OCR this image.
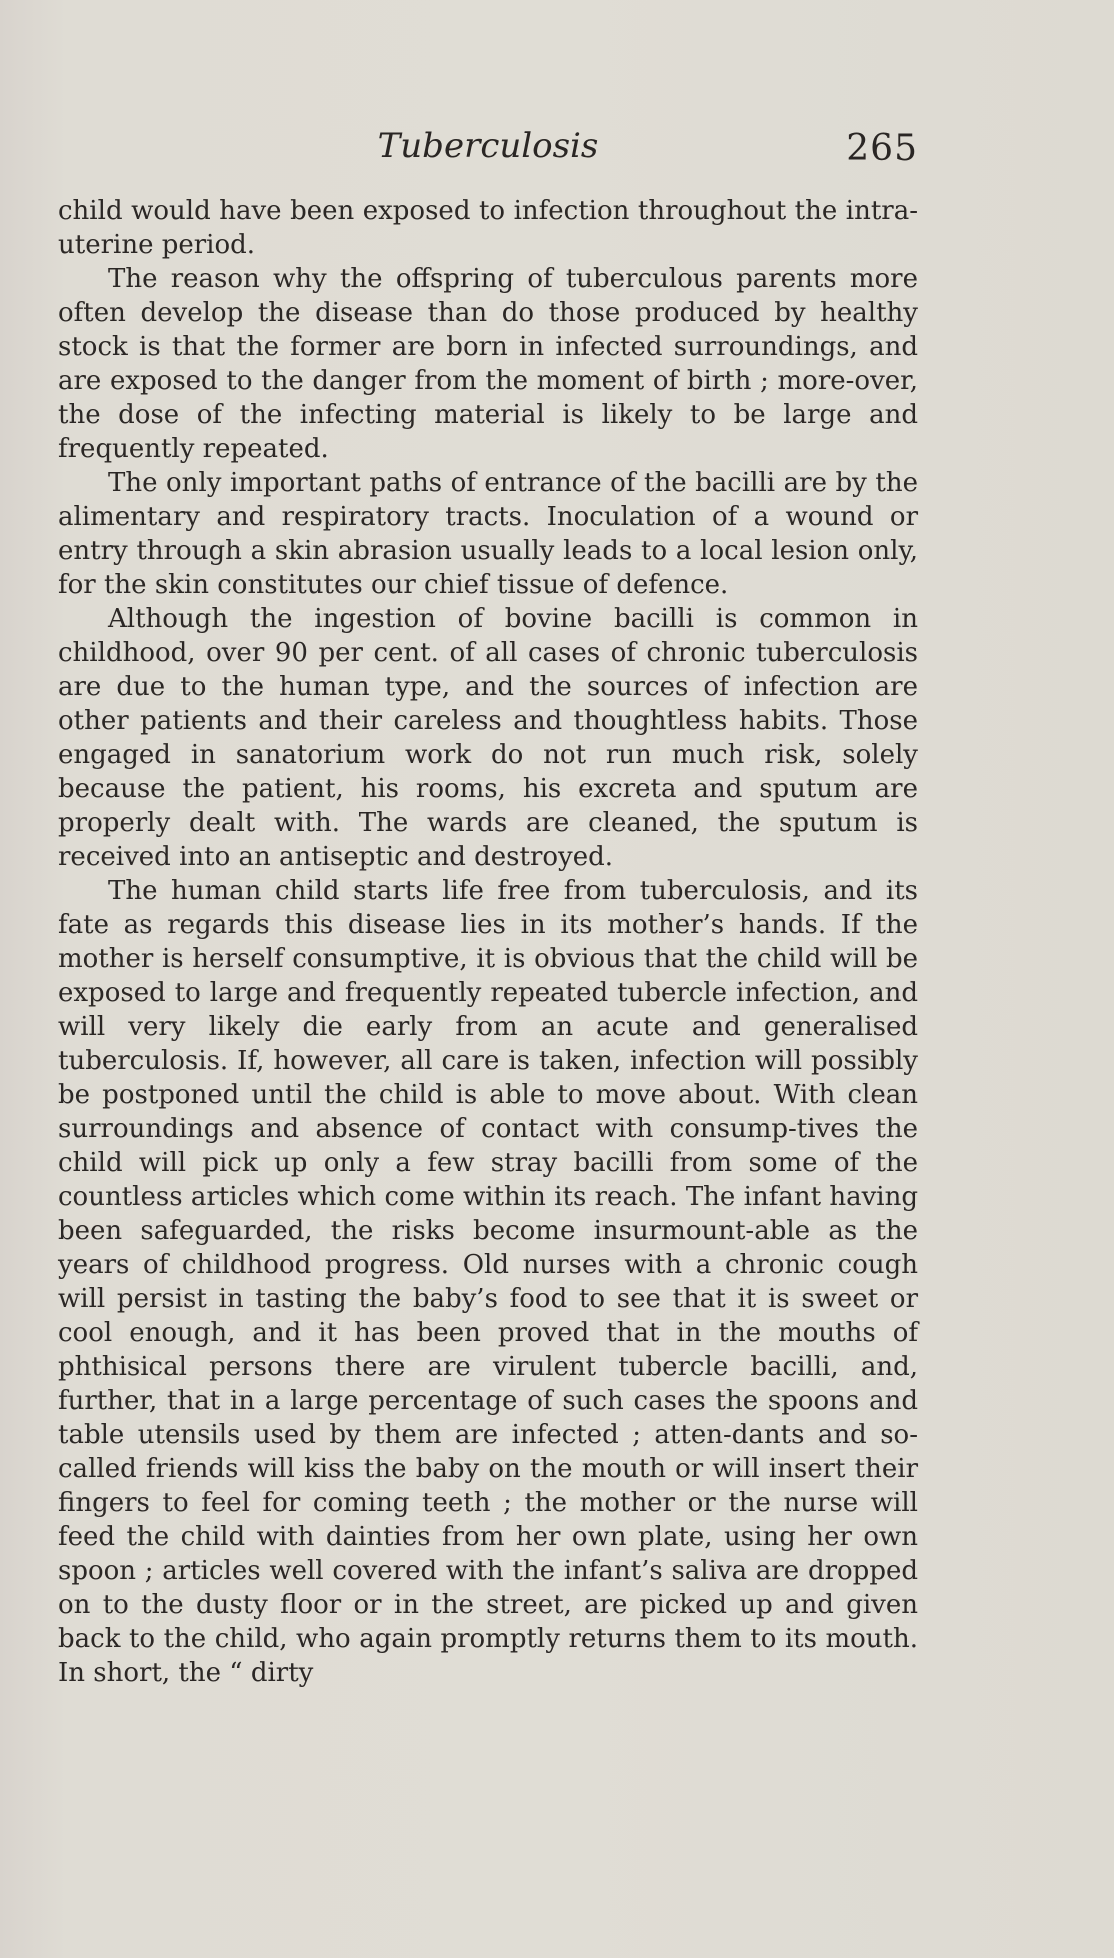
Tuberculosis	265

child would have been exposed to infection throughout the intra-uterine period.

The reason why the offspring of tuberculous parents more often develop the disease than do those produced by healthy stock is that the former are born in infected surroundings, and are exposed to the danger from the moment of birth ; more-over, the dose of the infecting material is likely to be large and frequently repeated.

The only important paths of entrance of the bacilli are by the alimentary and respiratory tracts. Inoculation of a wound or entry through a skin abrasion usually leads to a local lesion only, for the skin constitutes our chief tissue of defence.

Although the ingestion of bovine bacilli is common in childhood, over 90 per cent. of all cases of chronic tuberculosis are due to the human type, and the sources of infection are other patients and their careless and thoughtless habits. Those engaged in sanatorium work do not run much risk, solely because the patient, his rooms, his excreta and sputum are properly dealt with. The wards are cleaned, the sputum is received into an antiseptic and destroyed.

The human child starts life free from tuberculosis, and its fate as regards this disease lies in its mother’s hands. If the mother is herself consumptive, it is obvious that the child will be exposed to large and frequently repeated tubercle infection, and will very likely die early from an acute and generalised tuberculosis. If, however, all care is taken, infection will possibly be postponed until the child is able to move about. With clean surroundings and absence of contact with consump-tives the child will pick up only a few stray bacilli from some of the countless articles which come within its reach. The infant having been safeguarded, the risks become insurmount-able as the years of childhood progress. Old nurses with a chronic cough will persist in tasting the baby’s food to see that it is sweet or cool enough, and it has been proved that in the mouths of phthisical persons there are virulent tubercle bacilli, and, further, that in a large percentage of such cases the spoons and table utensils used by them are infected ; atten-dants and so-called friends will kiss the baby on the mouth or will insert their fingers to feel for coming teeth ; the mother or the nurse will feed the child with dainties from her own plate, using her own spoon ; articles well covered with the infant’s saliva are dropped on to the dusty floor or in the street, are picked up and given back to the child, who again promptly returns them to its mouth. In short, the “ dirty
